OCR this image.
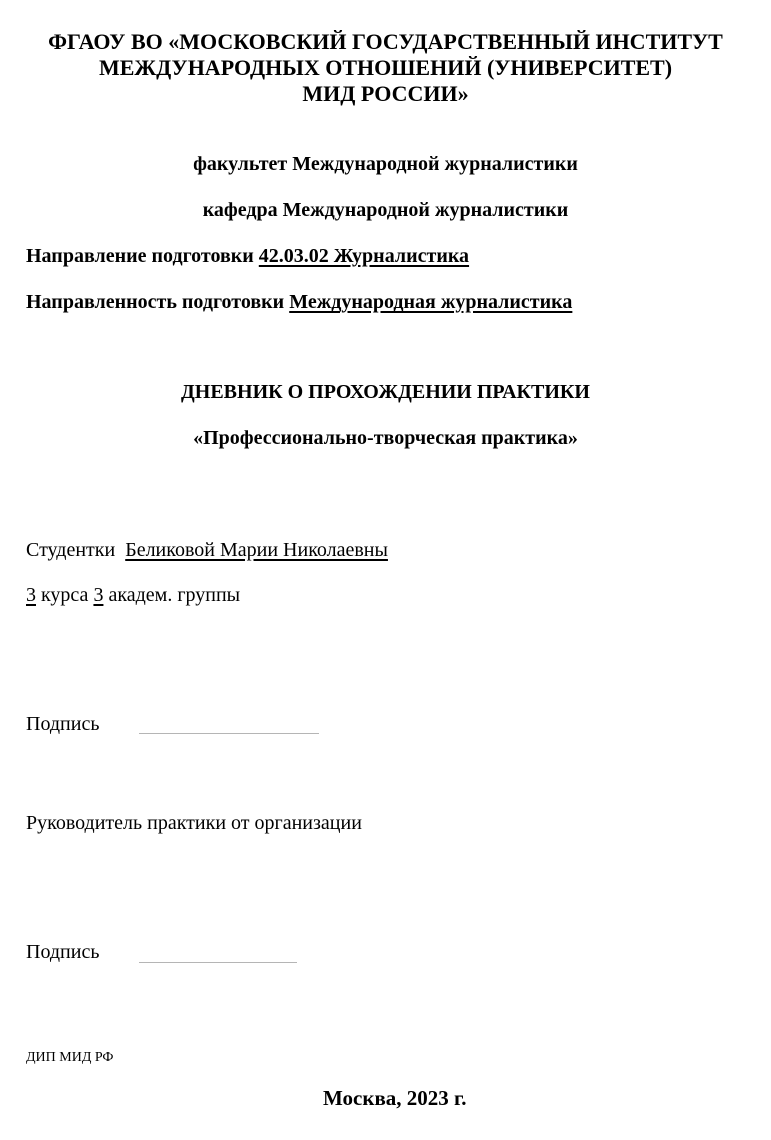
ФГАОУ ВО «МОСКОВСКИЙ ГОСУДАРСТВЕННЫЙ ИНСТИТУТ
МЕЖДУНАРОДНЫХ ОТНОШЕНИЙ (УНИВЕРСИТЕТ)
МИД РОССИИ»
факультет Международной журналистики
кафедра Международной журналистики
Направление подготовки 42.03.02 Журналистика
Направленность подготовки Международная журналистика
ДНЕВНИК О ПРОХОЖДЕНИИ ПРАКТИКИ
«Профессионально-творческая практика»
Студентки Беликовой Марии Николаевны
3 курса 3 академ. группы
Подпись
Руководитель практики от организации
Подпись
ДИП МИД РФ
Москва, 2023 г.
